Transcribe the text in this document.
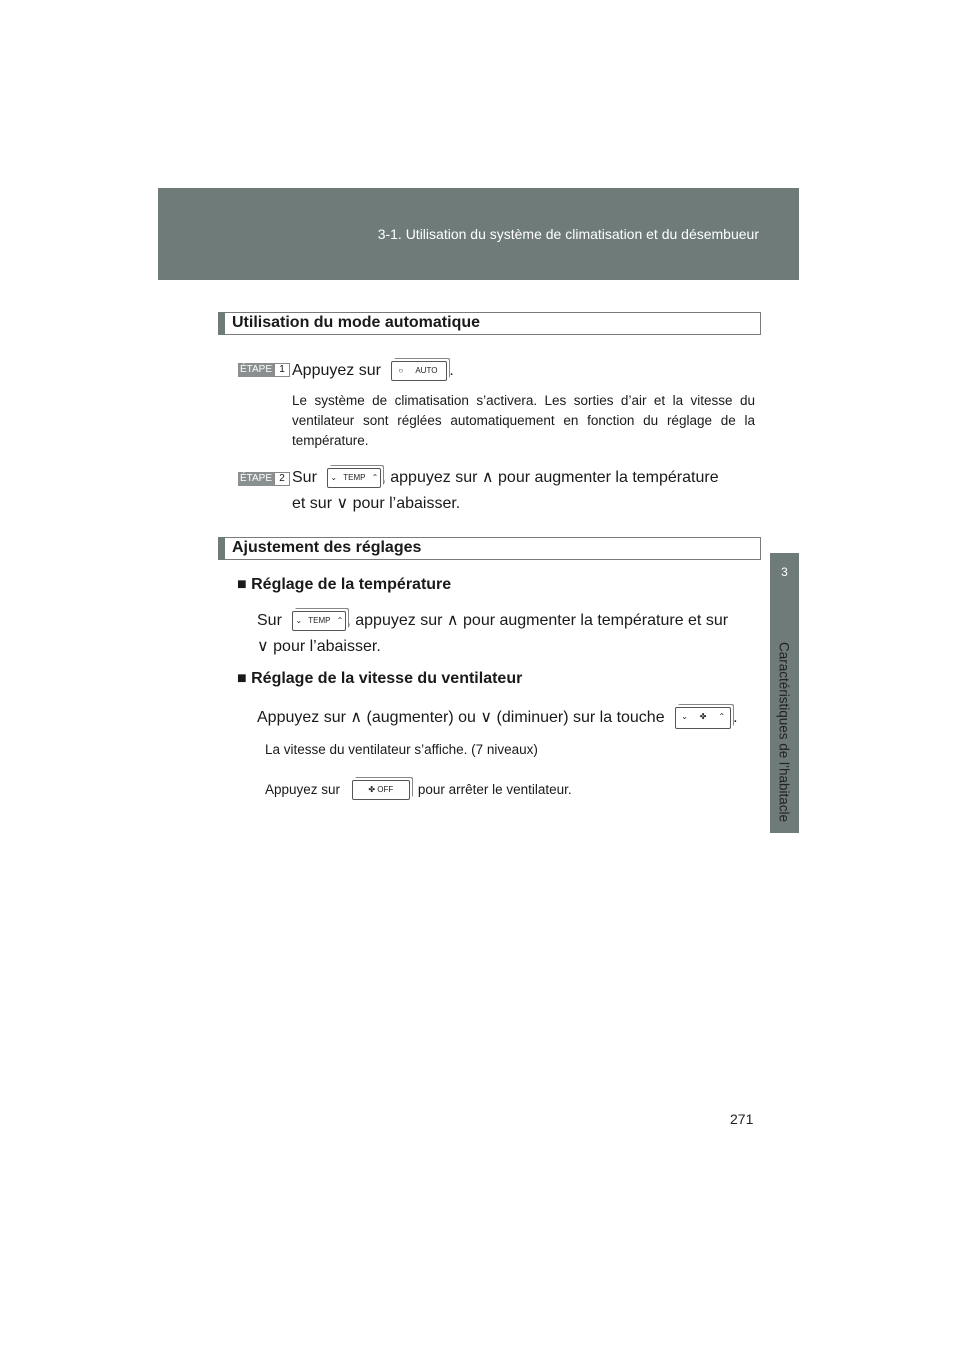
3-1. Utilisation du système de climatisation et du désembueur
3
Caractéristiques de l’habitacle
Utilisation du mode automatique
ÉTAPE 1 Appuyez sur ○ AUTO .
Le système de climatisation s’activera. Les sorties d’air et la vitesse du ventilateur sont réglées automatiquement en fonction du réglage de la température.
ÉTAPE 2 Sur ⌄ TEMP ⌃ , appuyez sur ∧ pour augmenter la température
et sur ∨ pour l’abaisser.
Ajustement des réglages
■ Réglage de la température
Sur ⌄ TEMP ⌃ , appuyez sur ∧ pour augmenter la température et sur
∨ pour l’abaisser.
■ Réglage de la vitesse du ventilateur
Appuyez sur ∧ (augmenter) ou ∨ (diminuer) sur la touche ⌄ ✤ ⌃ .
La vitesse du ventilateur s’affiche. (7 niveaux)
Appuyez sur	✤ OFF pour arrêter le ventilateur.
271
